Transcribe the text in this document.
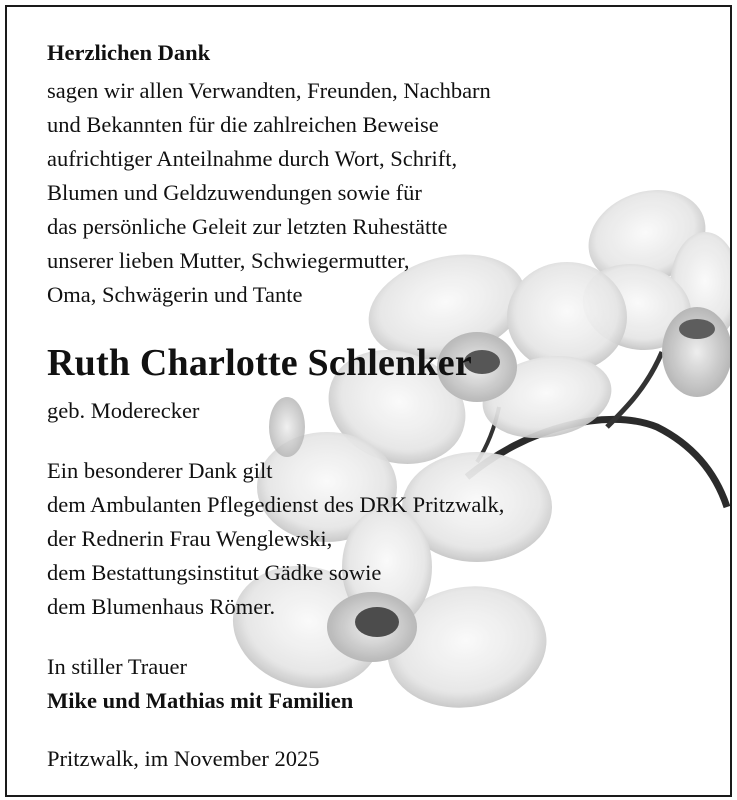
Herzlichen Dank
sagen wir allen Verwandten, Freunden, Nachbarn
und Bekannten für die zahlreichen Beweise
aufrichtiger Anteilnahme durch Wort, Schrift,
Blumen und Geldzuwendungen sowie für
das persönliche Geleit zur letzten Ruhestätte
unserer lieben Mutter, Schwiegermutter,
Oma, Schwägerin und Tante
Ruth Charlotte Schlenker
geb. Moderecker
Ein besonderer Dank gilt
dem Ambulanten Pflegedienst des DRK Pritzwalk,
der Rednerin Frau Wenglewski,
dem Bestattungsinstitut Gädke sowie
dem Blumenhaus Römer.
In stiller Trauer
Mike und Mathias mit Familien
Pritzwalk, im November 2025
